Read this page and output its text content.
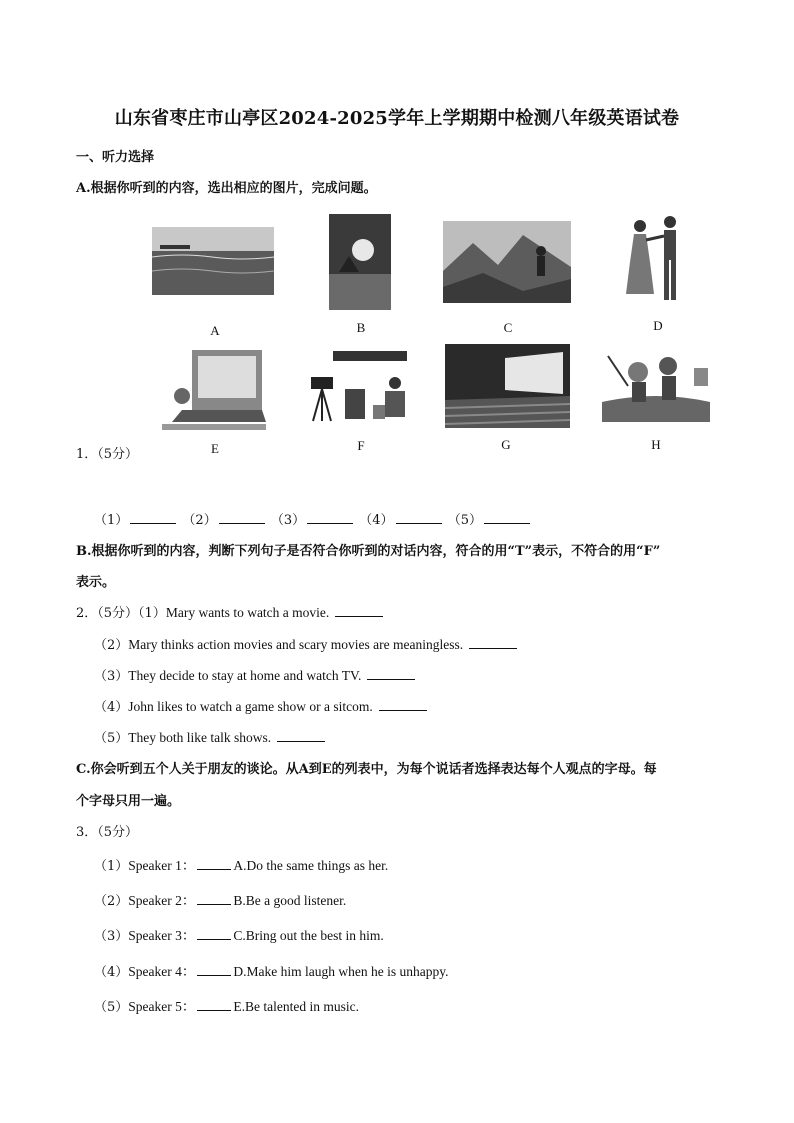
山东省枣庄市山亭区2024-2025学年上学期期中检测八年级英语试卷
一、听力选择
A.根据你听到的内容，选出相应的图片，完成问题。
A	B	C	D
1．（5分）	E	F	G	H
（1）	（2）	（3）	（4）	（5）
B.根据你听到的内容，判断下列句子是否符合你听到的对话内容，符合的用“T”表示，不符合的用“F”
表示。
2．（5分）（1）Mary wants to watch a movie.
（2）Mary thinks action movies and scary movies are meaningless.
（3）They decide to stay at home and watch TV.
（4）John likes to watch a game show or a sitcom.
（5）They both like talk shows.
C.你会听到五个人关于朋友的谈论。从A到E的列表中，为每个说话者选择表达每个人观点的字母。每
个字母只用一遍。
3．（5分）
（1）Speaker 1：	A.Do the same things as her.
（2）Speaker 2：	B.Be a good listener.
（3）Speaker 3：	C.Bring out the best in him.
（4）Speaker 4：	D.Make him laugh when he is unhappy.
（5）Speaker 5：	E.Be talented in music.
